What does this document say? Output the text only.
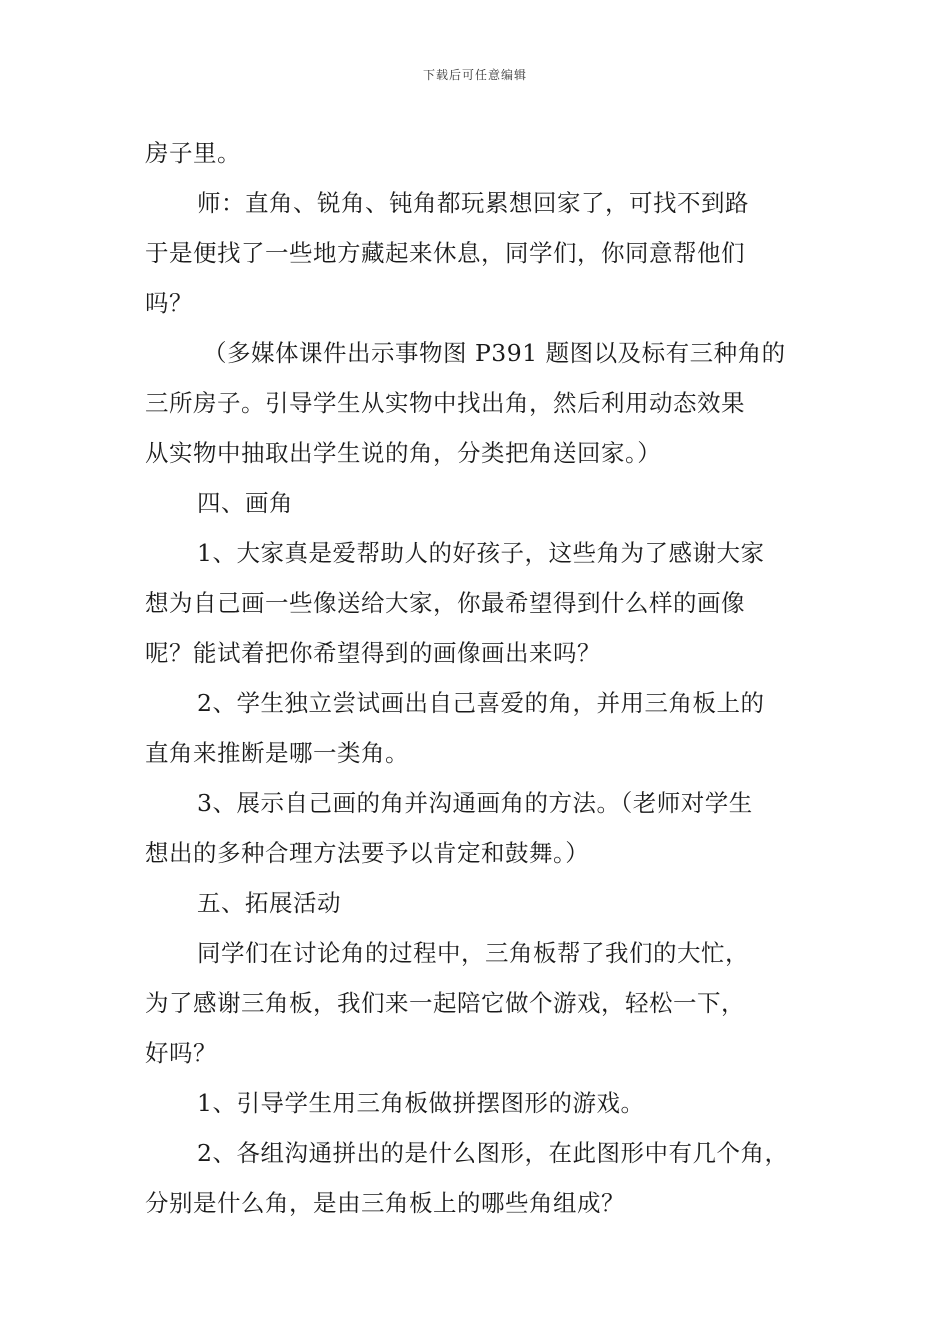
下载后可任意编辑
房子里。
师：直角、锐角、钝角都玩累想回家了，可找不到路
于是便找了一些地方藏起来休息，同学们，你同意帮他们
吗？
（多媒体课件出示事物图 P391 题图以及标有三种角的
三所房子。引导学生从实物中找出角，然后利用动态效果
从实物中抽取出学生说的角，分类把角送回家。）
四、画角
1、大家真是爱帮助人的好孩子，这些角为了感谢大家
想为自己画一些像送给大家，你最希望得到什么样的画像
呢？能试着把你希望得到的画像画出来吗？
2、学生独立尝试画出自己喜爱的角，并用三角板上的
直角来推断是哪一类角。
3、展示自己画的角并沟通画角的方法。（老师对学生
想出的多种合理方法要予以肯定和鼓舞。）
五、拓展活动
同学们在讨论角的过程中，三角板帮了我们的大忙，
为了感谢三角板，我们来一起陪它做个游戏，轻松一下，
好吗？
1、引导学生用三角板做拼摆图形的游戏。
2、各组沟通拼出的是什么图形，在此图形中有几个角，
分别是什么角，是由三角板上的哪些角组成？
